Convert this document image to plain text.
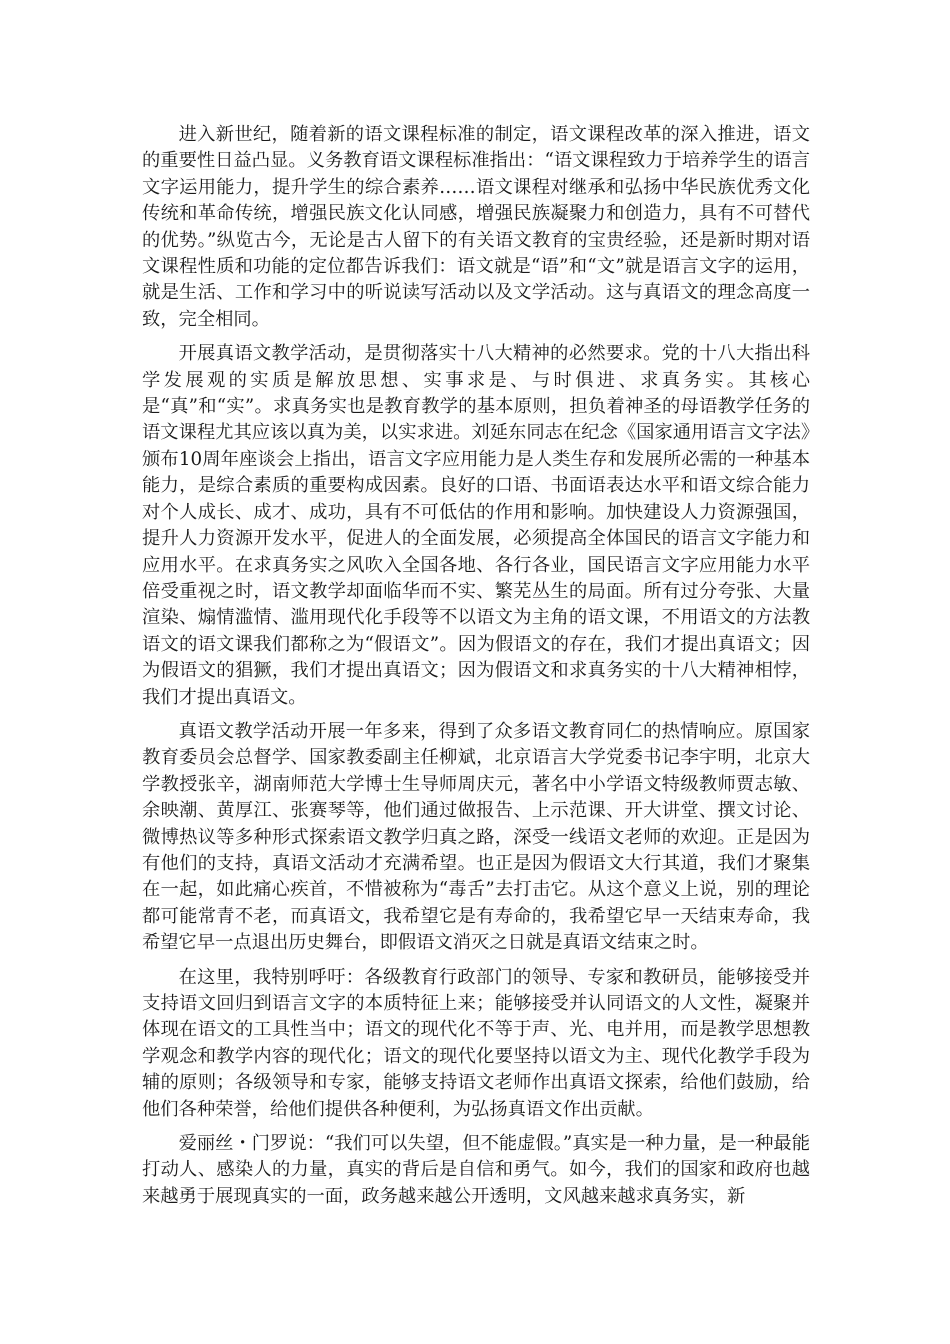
进入新世纪，随着新的语文课程标准的制定，语文课程改革的深入推进，语文的重要性日益凸显。义务教育语文课程标准指出：“语文课程致力于培养学生的语言文字运用能力，提升学生的综合素养……语文课程对继承和弘扬中华民族优秀文化传统和革命传统，增强民族文化认同感，增强民族凝聚力和创造力，具有不可替代的优势。”纵览古今，无论是古人留下的有关语文教育的宝贵经验，还是新时期对语文课程性质和功能的定位都告诉我们：语文就是“语”和“文”就是语言文字的运用，就是生活、工作和学习中的听说读写活动以及文学活动。这与真语文的理念高度一致，完全相同。

开展真语文教学活动，是贯彻落实十八大精神的必然要求。党的十八大指出科学发展观的实质是解放思想、实事求是、与时俱进、求真务实。其核心是“真”和“实”。求真务实也是教育教学的基本原则，担负着神圣的母语教学任务的语文课程尤其应该以真为美，以实求进。刘延东同志在纪念《国家通用语言文字法》颁布10周年座谈会上指出，语言文字应用能力是人类生存和发展所必需的一种基本能力，是综合素质的重要构成因素。良好的口语、书面语表达水平和语文综合能力对个人成长、成才、成功，具有不可低估的作用和影响。加快建设人力资源强国，提升人力资源开发水平，促进人的全面发展，必须提高全体国民的语言文字能力和应用水平。在求真务实之风吹入全国各地、各行各业，国民语言文字应用能力水平倍受重视之时，语文教学却面临华而不实、繁芜丛生的局面。所有过分夸张、大量渲染、煽情滥情、滥用现代化手段等不以语文为主角的语文课，不用语文的方法教语文的语文课我们都称之为“假语文”。因为假语文的存在，我们才提出真语文；因为假语文的猖獗，我们才提出真语文；因为假语文和求真务实的十八大精神相悖，我们才提出真语文。

真语文教学活动开展一年多来，得到了众多语文教育同仁的热情响应。原国家教育委员会总督学、国家教委副主任柳斌，北京语言大学党委书记李宇明，北京大学教授张辛，湖南师范大学博士生导师周庆元，著名中小学语文特级教师贾志敏、余映潮、黄厚江、张赛琴等，他们通过做报告、上示范课、开大讲堂、撰文讨论、微博热议等多种形式探索语文教学归真之路，深受一线语文老师的欢迎。正是因为有他们的支持，真语文活动才充满希望。也正是因为假语文大行其道，我们才聚集在一起，如此痛心疾首，不惜被称为“毒舌”去打击它。从这个意义上说，别的理论都可能常青不老，而真语文，我希望它是有寿命的，我希望它早一天结束寿命，我希望它早一点退出历史舞台，即假语文消灭之日就是真语文结束之时。

在这里，我特别呼吁：各级教育行政部门的领导、专家和教研员，能够接受并支持语文回归到语言文字的本质特征上来；能够接受并认同语文的人文性，凝聚并体现在语文的工具性当中；语文的现代化不等于声、光、电并用，而是教学思想教学观念和教学内容的现代化；语文的现代化要坚持以语文为主、现代化教学手段为辅的原则；各级领导和专家，能够支持语文老师作出真语文探索，给他们鼓励，给他们各种荣誉，给他们提供各种便利，为弘扬真语文作出贡献。

爱丽丝・门罗说：“我们可以失望，但不能虚假。”真实是一种力量，是一种最能打动人、感染人的力量，真实的背后是自信和勇气。如今，我们的国家和政府也越来越勇于展现真实的一面，政务越来越公开透明，文风越来越求真务实，新
